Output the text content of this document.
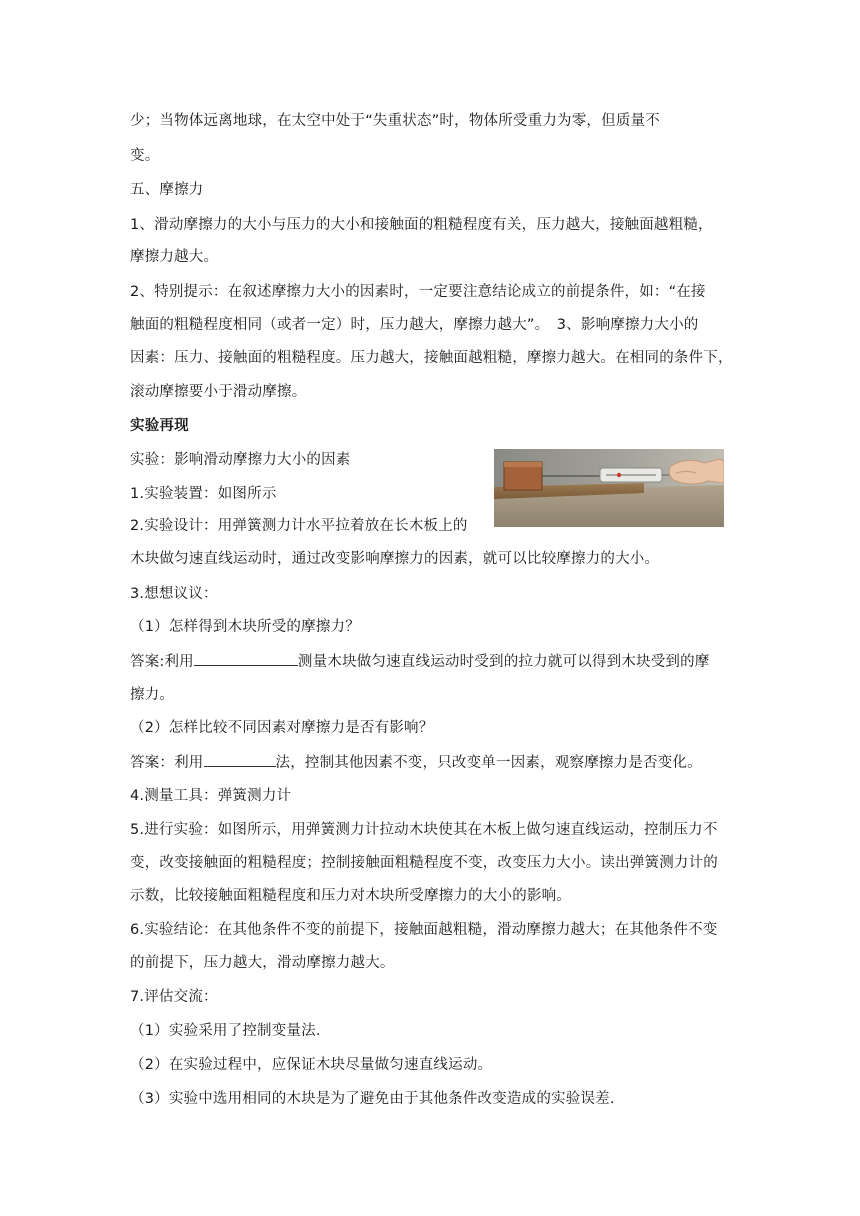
少；当物体远离地球，在太空中处于“失重状态”时，物体所受重力为零，但质量不
变。
五、摩擦力
1、滑动摩擦力的大小与压力的大小和接触面的粗糙程度有关，压力越大，接触面越粗糙，
摩擦力越大。
2、特别提示：在叙述摩擦力大小的因素时，一定要注意结论成立的前提条件，如：“在接
触面的粗糙程度相同（或者一定）时，压力越大，摩擦力越大”。　3、影响摩擦力大小的
因素：压力、接触面的粗糙程度。压力越大，接触面越粗糙，摩擦力越大。在相同的条件下，
滚动摩擦要小于滑动摩擦。
实验再现
实验：影响滑动摩擦力大小的因素
1.实验装置：如图所示
2.实验设计：用弹簧测力计水平拉着放在长木板上的
木块做匀速直线运动时，通过改变影响摩擦力的因素，就可以比较摩擦力的大小。
3.想想议议：
（1）怎样得到木块所受的摩擦力？
答案:利用	测量木块做匀速直线运动时受到的拉力就可以得到木块受到的摩
擦力。
（2）怎样比较不同因素对摩擦力是否有影响？
答案：利用	法，控制其他因素不变，只改变单一因素，观察摩擦力是否变化。
4.测量工具：弹簧测力计
5.进行实验：如图所示，用弹簧测力计拉动木块使其在木板上做匀速直线运动，控制压力不
变，改变接触面的粗糙程度；控制接触面粗糙程度不变，改变压力大小。读出弹簧测力计的
示数，比较接触面粗糙程度和压力对木块所受摩擦力的大小的影响。
6.实验结论：在其他条件不变的前提下，接触面越粗糙，滑动摩擦力越大；在其他条件不变
的前提下，压力越大，滑动摩擦力越大。
7.评估交流：
（1）实验采用了控制变量法.
（2）在实验过程中，应保证木块尽量做匀速直线运动。
（3）实验中选用相同的木块是为了避免由于其他条件改变造成的实验误差.
